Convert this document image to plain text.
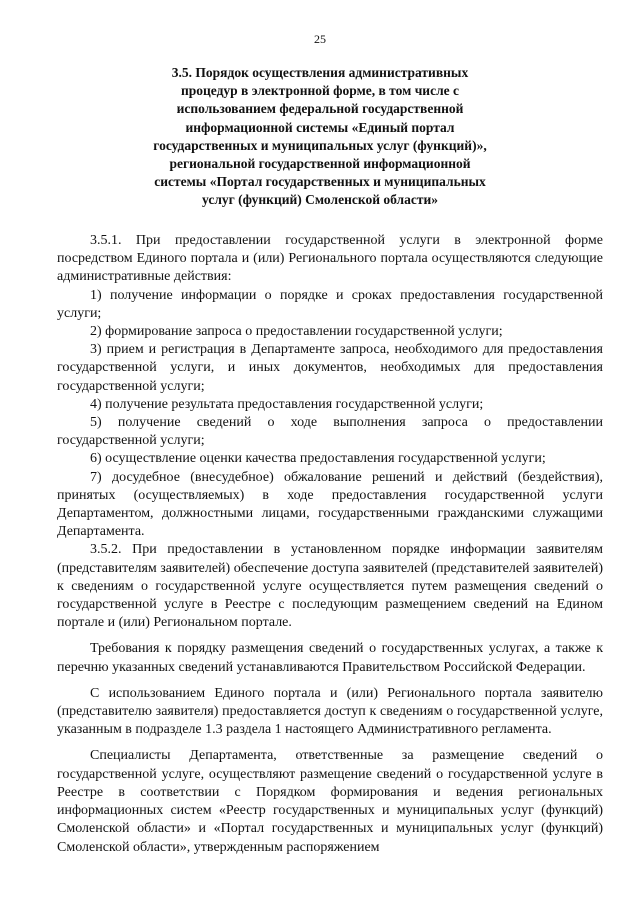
25
3.5. Порядок осуществления административных процедур в электронной форме, в том числе с использованием федеральной государственной информационной системы «Единый портал государственных и муниципальных услуг (функций)», региональной государственной информационной системы «Портал государственных и муниципальных услуг (функций) Смоленской области»

3.5.1. При предоставлении государственной услуги в электронной форме посредством Единого портала и (или) Регионального портала осуществляются следующие административные действия:

1) получение информации о порядке и сроках предоставления государственной услуги;

2) формирование запроса о предоставлении государственной услуги;

3) прием и регистрация в Департаменте запроса, необходимого для предоставления государственной услуги, и иных документов, необходимых для предоставления государственной услуги;

4) получение результата предоставления государственной услуги;

5) получение сведений о ходе выполнения запроса о предоставлении государственной услуги;

6) осуществление оценки качества предоставления государственной услуги;

7) досудебное (внесудебное) обжалование решений и действий (бездействия), принятых (осуществляемых) в ходе предоставления государственной услуги Департаментом, должностными лицами, государственными гражданскими служащими Департамента.

3.5.2. При предоставлении в установленном порядке информации заявителям (представителям заявителей) обеспечение доступа заявителей (представителей заявителей) к сведениям о государственной услуге осуществляется путем размещения сведений о государственной услуге в Реестре с последующим размещением сведений на Едином портале и (или) Региональном портале.

Требования к порядку размещения сведений о государственных услугах, а также к перечню указанных сведений устанавливаются Правительством Российской Федерации.

С использованием Единого портала и (или) Регионального портала заявителю (представителю заявителя) предоставляется доступ к сведениям о государственной услуге, указанным в подразделе 1.3 раздела 1 настоящего Административного регламента.

Специалисты Департамента, ответственные за размещение сведений о государственной услуге, осуществляют размещение сведений о государственной услуге в Реестре в соответствии с Порядком формирования и ведения региональных информационных систем «Реестр государственных и муниципальных услуг (функций) Смоленской области» и «Портал государственных и муниципальных услуг (функций) Смоленской области», утвержденным распоряжением
